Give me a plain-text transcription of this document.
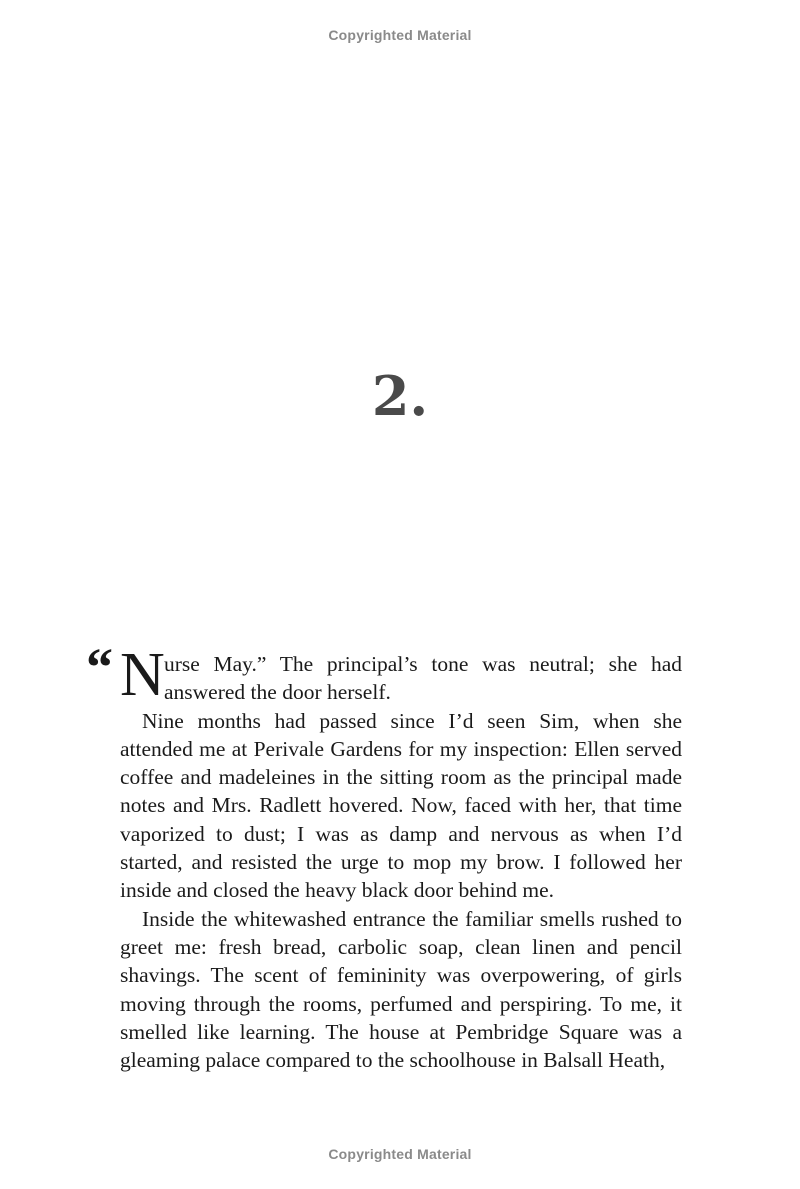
Copyrighted Material
2.

“ N urse May.” The principal’s tone was neutral; she had answered the door herself.

Nine months had passed since I’d seen Sim, when she attended me at Perivale Gardens for my inspection: Ellen served coffee and madeleines in the sitting room as the principal made notes and Mrs. Radlett hovered. Now, faced with her, that time vaporized to dust; I was as damp and nervous as when I’d started, and resisted the urge to mop my brow. I followed her inside and closed the heavy black door behind me.

Inside the whitewashed entrance the familiar smells rushed to greet me: fresh bread, carbolic soap, clean linen and pencil shavings. The scent of femininity was overpowering, of girls moving through the rooms, perfumed and perspiring. To me, it smelled like learning. The house at Pembridge Square was a gleaming palace compared to the schoolhouse in Balsall Heath,

Copyrighted Material
